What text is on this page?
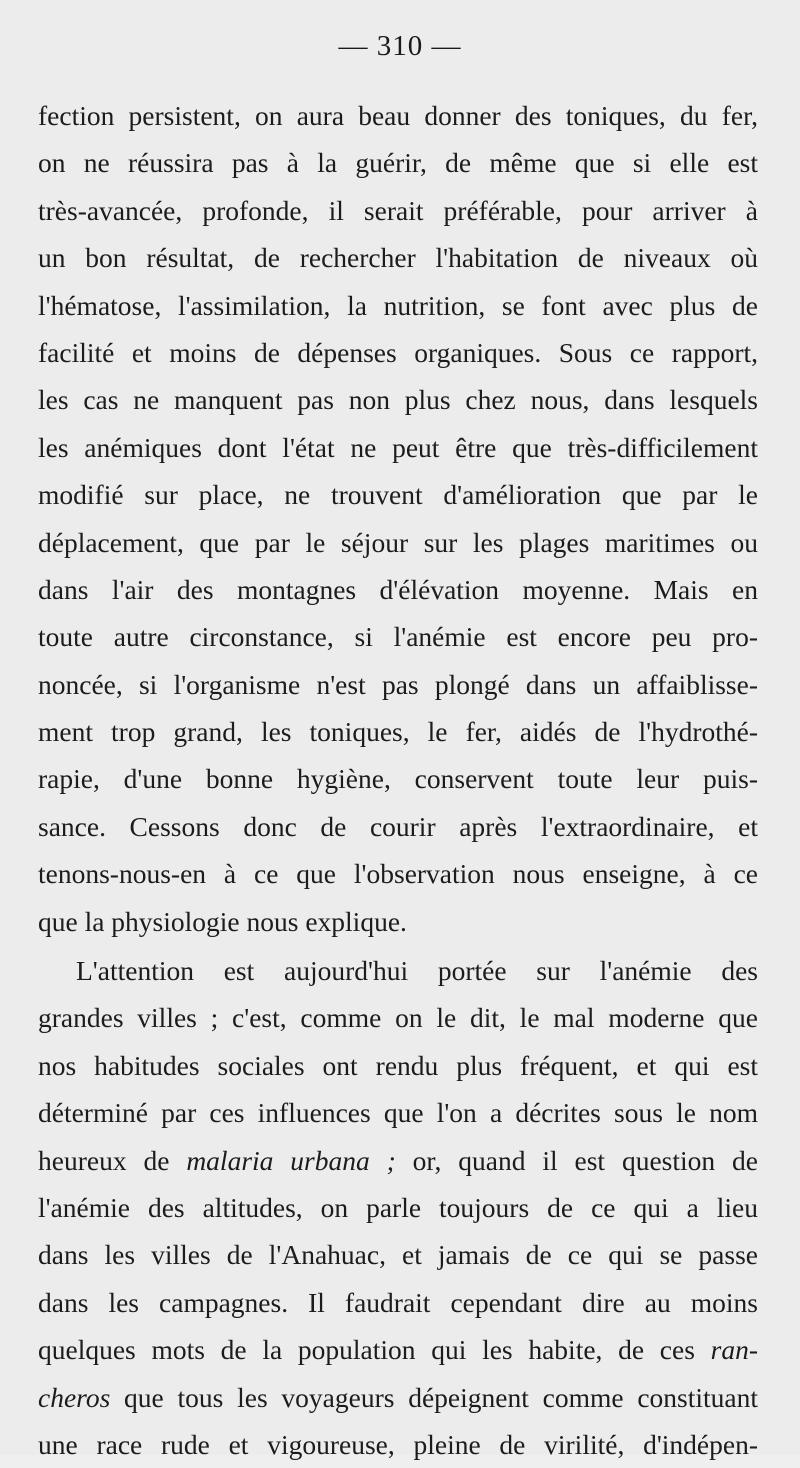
— 310 —
fection persistent, on aura beau donner des toniques, du fer,
on ne réussira pas à la guérir, de même que si elle est
très-avancée, profonde, il serait préférable, pour arriver à
un bon résultat, de rechercher l'habitation de niveaux où
l'hématose, l'assimilation, la nutrition, se font avec plus de
facilité et moins de dépenses organiques. Sous ce rapport,
les cas ne manquent pas non plus chez nous, dans lesquels
les anémiques dont l'état ne peut être que très-difficilement
modifié sur place, ne trouvent d'amélioration que par le
déplacement, que par le séjour sur les plages maritimes ou
dans l'air des montagnes d'élévation moyenne. Mais en
toute autre circonstance, si l'anémie est encore peu pro-
noncée, si l'organisme n'est pas plongé dans un affaiblisse-
ment trop grand, les toniques, le fer, aidés de l'hydrothé-
rapie, d'une bonne hygiène, conservent toute leur puis-
sance. Cessons donc de courir après l'extraordinaire, et
tenons-nous-en à ce que l'observation nous enseigne, à ce
que la physiologie nous explique.
L'attention est aujourd'hui portée sur l'anémie des
grandes villes ; c'est, comme on le dit, le mal moderne que
nos habitudes sociales ont rendu plus fréquent, et qui est
déterminé par ces influences que l'on a décrites sous le nom
heureux de malaria urbana ; or, quand il est question de
l'anémie des altitudes, on parle toujours de ce qui a lieu
dans les villes de l'Anahuac, et jamais de ce qui se passe
dans les campagnes. Il faudrait cependant dire au moins
quelques mots de la population qui les habite, de ces ran-
cheros que tous les voyageurs dépeignent comme constituant
une race rude et vigoureuse, pleine de virilité, d'indépen-
